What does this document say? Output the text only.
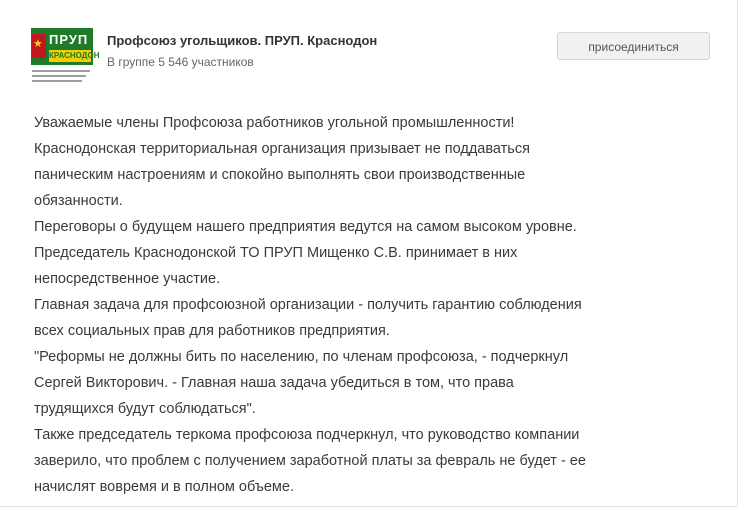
★
ПРУП
КРАСНОДОН
Профсоюз угольщиков. ПРУП. Краснодон
В группе 5 546 участников
присоединиться

Уважаемые члены Профсоюза работников угольной промышленности!

Краснодонская территориальная организация призывает не поддаваться

паническим настроениям и спокойно выполнять свои производственные

обязанности.

Переговоры о будущем нашего предприятия ведутся на самом высоком уровне.

Председатель Краснодонской ТО ПРУП Мищенко С.В. принимает в них

непосредственное участие.

Главная задача для профсоюзной организации - получить гарантию соблюдения

всех социальных прав для работников предприятия.

"Реформы не должны бить по населению, по членам профсоюза, - подчеркнул

Сергей Викторович. - Главная наша задача убедиться в том, что права

трудящихся будут соблюдаться".

Также председатель теркома профсоюза подчеркнул, что руководство компании

заверило, что проблем с получением заработной платы за февраль не будет - ее

начислят вовремя и в полном объеме.
